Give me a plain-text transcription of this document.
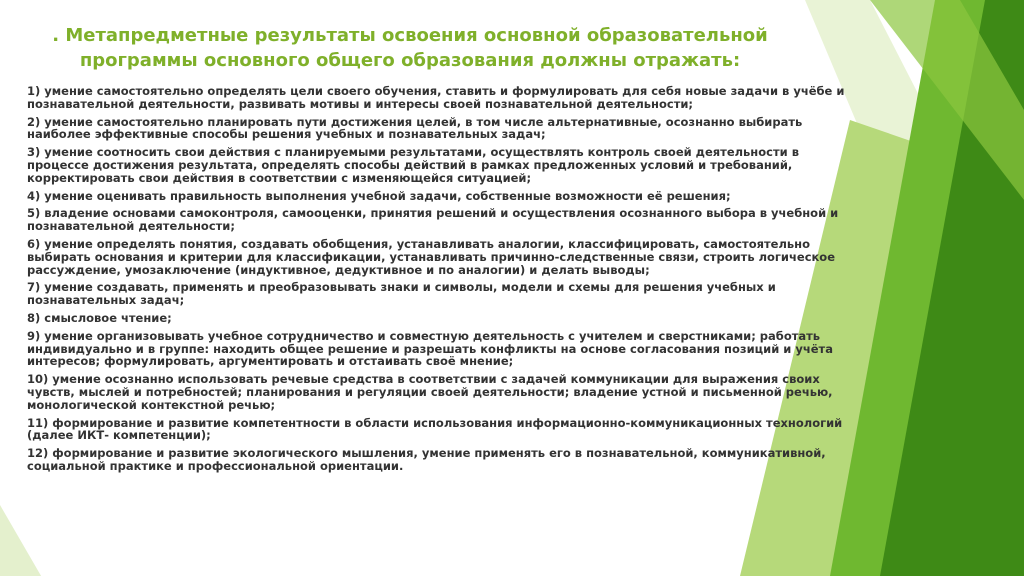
. Метапредметные результаты освоения основной образовательной программы основного общего образования должны отражать:

1) умение самостоятельно определять цели своего обучения, ставить и формулировать для себя новые задачи в учёбе и познавательной деятельности, развивать мотивы и интересы своей познавательной деятельности;

2) умение самостоятельно планировать пути достижения целей, в том числе альтернативные, осознанно выбирать наиболее эффективные способы решения учебных и познавательных задач;

3) умение соотносить свои действия с планируемыми результатами, осуществлять контроль своей деятельности в процессе достижения результата, определять способы действий в рамках предложенных условий и требований, корректировать свои действия в соответствии с изменяющейся ситуацией;

4) умение оценивать правильность выполнения учебной задачи, собственные возможности её решения;

5) владение основами самоконтроля, самооценки, принятия решений и осуществления осознанного выбора в учебной и познавательной деятельности;

6) умение определять понятия, создавать обобщения, устанавливать аналогии, классифицировать, самостоятельно выбирать основания и критерии для классификации, устанавливать причинно-следственные связи, строить логическое рассуждение, умозаключение (индуктивное, дедуктивное и по аналогии) и делать выводы;

7) умение создавать, применять и преобразовывать знаки и символы, модели и схемы для решения учебных и познавательных задач;

8) смысловое чтение;

9) умение организовывать учебное сотрудничество и совместную деятельность с учителем и сверстниками; работать индивидуально и в группе: находить общее решение и разрешать конфликты на основе согласования позиций и учёта интересов; формулировать, аргументировать и отстаивать своё мнение;

10) умение осознанно использовать речевые средства в соответствии с задачей коммуникации для выражения своих чувств, мыслей и потребностей; планирования и регуляции своей деятельности; владение устной и письменной речью, монологической контекстной речью;

11) формирование и развитие компетентности в области использования информационно-коммуникационных технологий (далее ИКТ- компетенции);

12) формирование и развитие экологического мышления, умение применять его в познавательной, коммуникативной, социальной практике и профессиональной ориентации.
